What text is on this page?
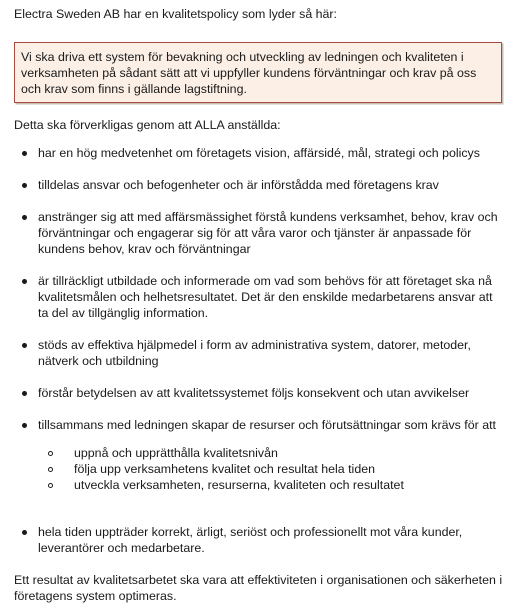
Electra Sweden AB har en kvalitetspolicy som lyder så här:

Vi ska driva ett system för bevakning och utveckling av ledningen och kvaliteten i verksamheten på sådant sätt att vi uppfyller kundens förväntningar och krav på oss och krav som finns i gällande lagstiftning.

Detta ska förverkligas genom att ALLA anställda:

har en hög medvetenhet om företagets vision, affärsidé, mål, strategi och policys
tilldelas ansvar och befogenheter och är införstådda med företagens krav
anstränger sig att med affärsmässighet förstå kundens verksamhet, behov, krav och förväntningar och engagerar sig för att våra varor och tjänster är anpassade för kundens behov, krav och förväntningar
är tillräckligt utbildade och informerade om vad som behövs för att företaget ska nå kvalitetsmålen och helhetsresultatet. Det är den enskilde medarbetarens ansvar att ta del av tillgänglig information.
stöds av effektiva hjälpmedel i form av administrativa system, datorer, metoder, nätverk och utbildning
förstår betydelsen av att kvalitetssystemet följs konsekvent och utan avvikelser
tillsammans med ledningen skapar de resurser och förutsättningar som krävs för att
uppnå och upprätthålla kvalitetsnivån
följa upp verksamhetens kvalitet och resultat hela tiden
utveckla verksamheten, resurserna, kvaliteten och resultatet
hela tiden uppträder korrekt, ärligt, seriöst och professionellt mot våra kunder, leverantörer och medarbetare.

Ett resultat av kvalitetsarbetet ska vara att effektiviteten i organisationen och säkerheten i företagens system optimeras.
